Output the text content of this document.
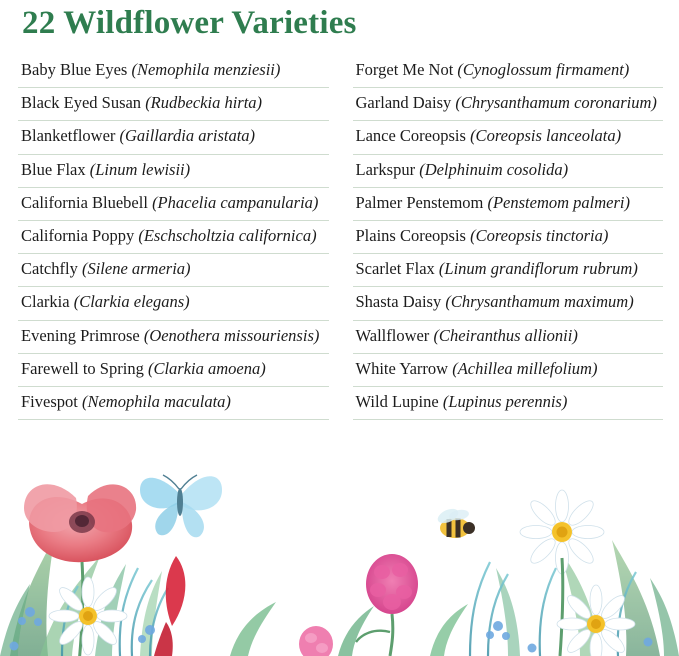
22 Wildflower Varieties
Baby Blue Eyes (Nemophila menziesii)
Black Eyed Susan (Rudbeckia hirta)
Blanketflower (Gaillardia aristata)
Blue Flax (Linum lewisii)
California Bluebell (Phacelia campanularia)
California Poppy (Eschscholtzia californica)
Catchfly (Silene armeria)
Clarkia (Clarkia elegans)
Evening Primrose (Oenothera missouriensis)
Farewell to Spring (Clarkia amoena)
Fivespot (Nemophila maculata)
Forget Me Not (Cynoglossum firmament)
Garland Daisy (Chrysanthamum coronarium)
Lance Coreopsis (Coreopsis lanceolata)
Larkspur (Delphinuim cosolida)
Palmer Penstemom (Penstemom palmeri)
Plains Coreopsis (Coreopsis tinctoria)
Scarlet Flax (Linum grandiflorum rubrum)
Shasta Daisy (Chrysanthamum maximum)
Wallflower (Cheiranthus allionii)
White Yarrow (Achillea millefolium)
Wild Lupine (Lupinus perennis)
